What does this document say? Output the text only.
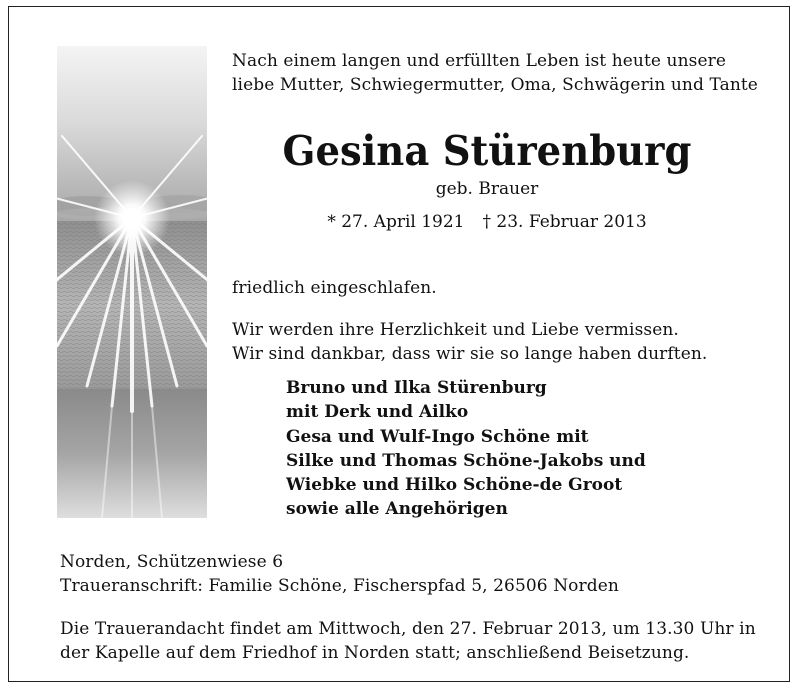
Nach einem langen und erfüllten Leben ist heute unsere
liebe Mutter, Schwiegermutter, Oma, Schwägerin und Tante
Gesina Stürenburg
geb. Brauer
* 27. April 1921 † 23. Februar 2013
friedlich eingeschlafen.
Wir werden ihre Herzlichkeit und Liebe vermissen.
Wir sind dankbar, dass wir sie so lange haben durften.
Bruno und Ilka Stürenburg
mit Derk und Ailko
Gesa und Wulf-Ingo Schöne mit
Silke und Thomas Schöne-Jakobs und
Wiebke und Hilko Schöne-de Groot
sowie alle Angehörigen
Norden, Schützenwiese 6
Traueranschrift: Familie Schöne, Fischerspfad 5, 26506 Norden
Die Trauerandacht findet am Mittwoch, den 27. Februar 2013, um 13.30 Uhr in
der Kapelle auf dem Friedhof in Norden statt; anschließend Beisetzung.
